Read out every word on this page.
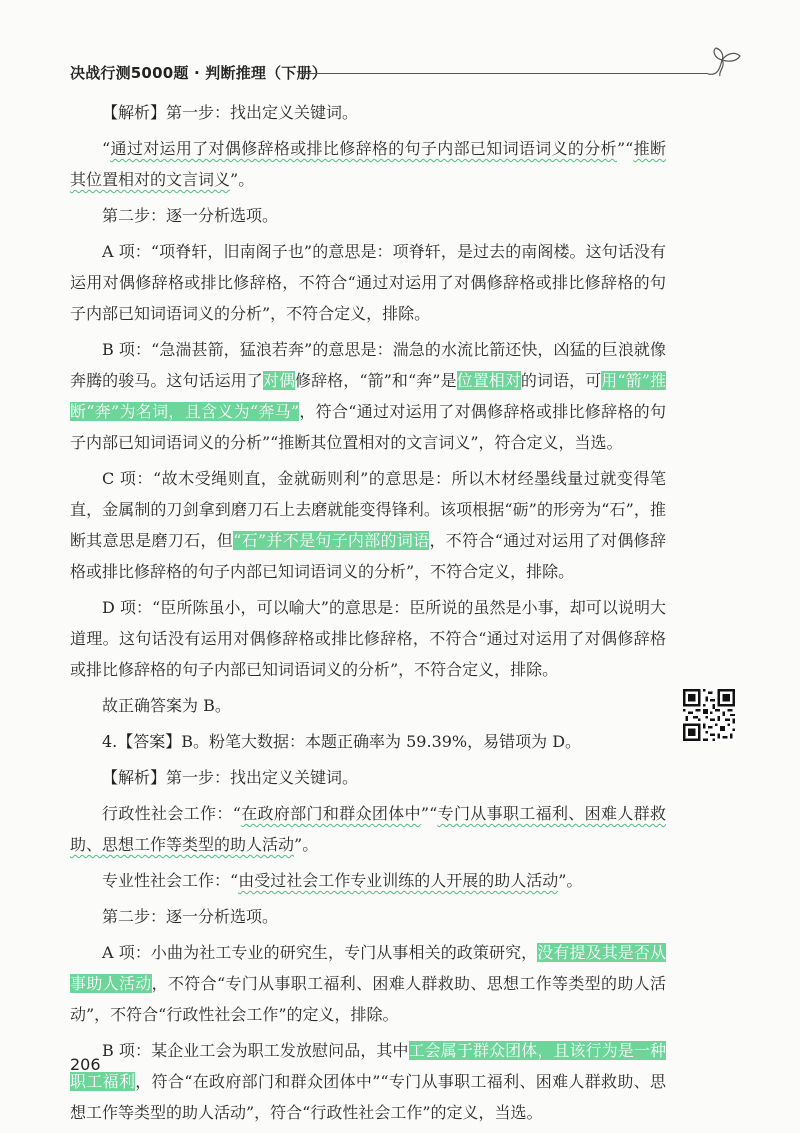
决战行测5000题 · 判断推理（下册）

【解析】第一步：找出定义关键词。

“通过对运用了对偶修辞格或排比修辞格的句子内部已知词语词义的分析”“推断其位置相对的文言词义”。

第二步：逐一分析选项。

A 项：“项脊轩，旧南阁子也”的意思是：项脊轩，是过去的南阁楼。这句话没有运用对偶修辞格或排比修辞格，不符合“通过对运用了对偶修辞格或排比修辞格的句子内部已知词语词义的分析”，不符合定义，排除。

B 项：“急湍甚箭，猛浪若奔”的意思是：湍急的水流比箭还快，凶猛的巨浪就像奔腾的骏马。这句话运用了对偶修辞格，“箭”和“奔”是位置相对的词语，可用“箭”推断“奔”为名词，且含义为“奔马”，符合“通过对运用了对偶修辞格或排比修辞格的句子内部已知词语词义的分析”“推断其位置相对的文言词义”，符合定义，当选。

C 项：“故木受绳则直，金就砺则利”的意思是：所以木材经墨线量过就变得笔直，金属制的刀剑拿到磨刀石上去磨就能变得锋利。该项根据“砺”的形旁为“石”，推断其意思是磨刀石，但“石”并不是句子内部的词语，不符合“通过对运用了对偶修辞格或排比修辞格的句子内部已知词语词义的分析”，不符合定义，排除。

D 项：“臣所陈虽小，可以喻大”的意思是：臣所说的虽然是小事，却可以说明大道理。这句话没有运用对偶修辞格或排比修辞格，不符合“通过对运用了对偶修辞格或排比修辞格的句子内部已知词语词义的分析”，不符合定义，排除。

故正确答案为 B。

4.【答案】B。粉笔大数据：本题正确率为 59.39%，易错项为 D。

【解析】第一步：找出定义关键词。

行政性社会工作：“在政府部门和群众团体中”“专门从事职工福利、困难人群救助、思想工作等类型的助人活动”。

专业性社会工作：“由受过社会工作专业训练的人开展的助人活动”。

第二步：逐一分析选项。

A 项：小曲为社工专业的研究生，专门从事相关的政策研究，没有提及其是否从事助人活动，不符合“专门从事职工福利、困难人群救助、思想工作等类型的助人活动”，不符合“行政性社会工作”的定义，排除。

B 项：某企业工会为职工发放慰问品，其中工会属于群众团体，且该行为是一种职工福利，符合“在政府部门和群众团体中”“专门从事职工福利、困难人群救助、思想工作等类型的助人活动”，符合“行政性社会工作”的定义，当选。

206
